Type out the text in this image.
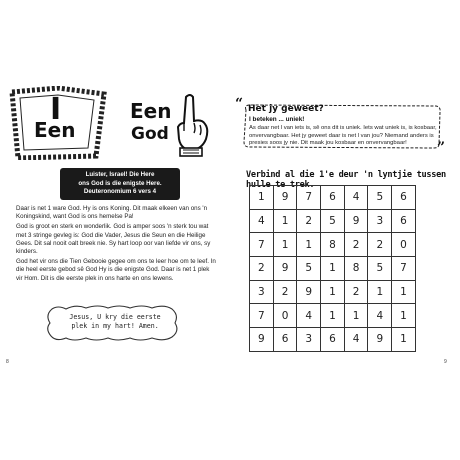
I
Een
Een
God
Luister, Israel! Die Here
ons God is die enigste Here.
Deuteronomium 6 vers 4

Daar is net 1 ware God. Hy is ons Koning. Dit maak elkeen van ons 'n Koningskind, want God is ons hemelse Pa!

God is groot en sterk en wonderlik. God is amper soos 'n sterk tou wat met 3 stringe gevleg is: God die Vader, Jesus die Seun en die Heilige Gees. Dit sal nooit oalt breek nie. Sy hart loop oor van liefde vir ons, sy kinders.

God het vir ons die Tien Gebooie gegee om ons te leer hoe om te leef. In die heel eerste gebod sê God Hy is die enigste God. Daar is net 1 plek vir Hom. Dit is die eerste plek in ons harte en ons lewens.

Jesus, U kry die eerste
plek in my hart! Amen.
8
“
”
Het jy geweet?
I beteken ... uniek!
As daar net l van iets is, sê ons dit is uniek. Iets wat uniek is, is kosbaar, onvervangbaar. Het jy geweet daar is net l van jou? Niemand anders is presies soos jy nie. Dit maak jou kosbaar en onvervangbaar!
Verbind al die 1'e deur 'n lyntjie tussen hulle te trek.
1	9	7	6	4	5	6
4	1	2	5	9	3	6
7	1	1	8	2	2	0
2	9	5	1	8	5	7
3	2	9	1	2	1	1
7	0	4	1	1	4	1
9	6	3	6	4	9	1
9
